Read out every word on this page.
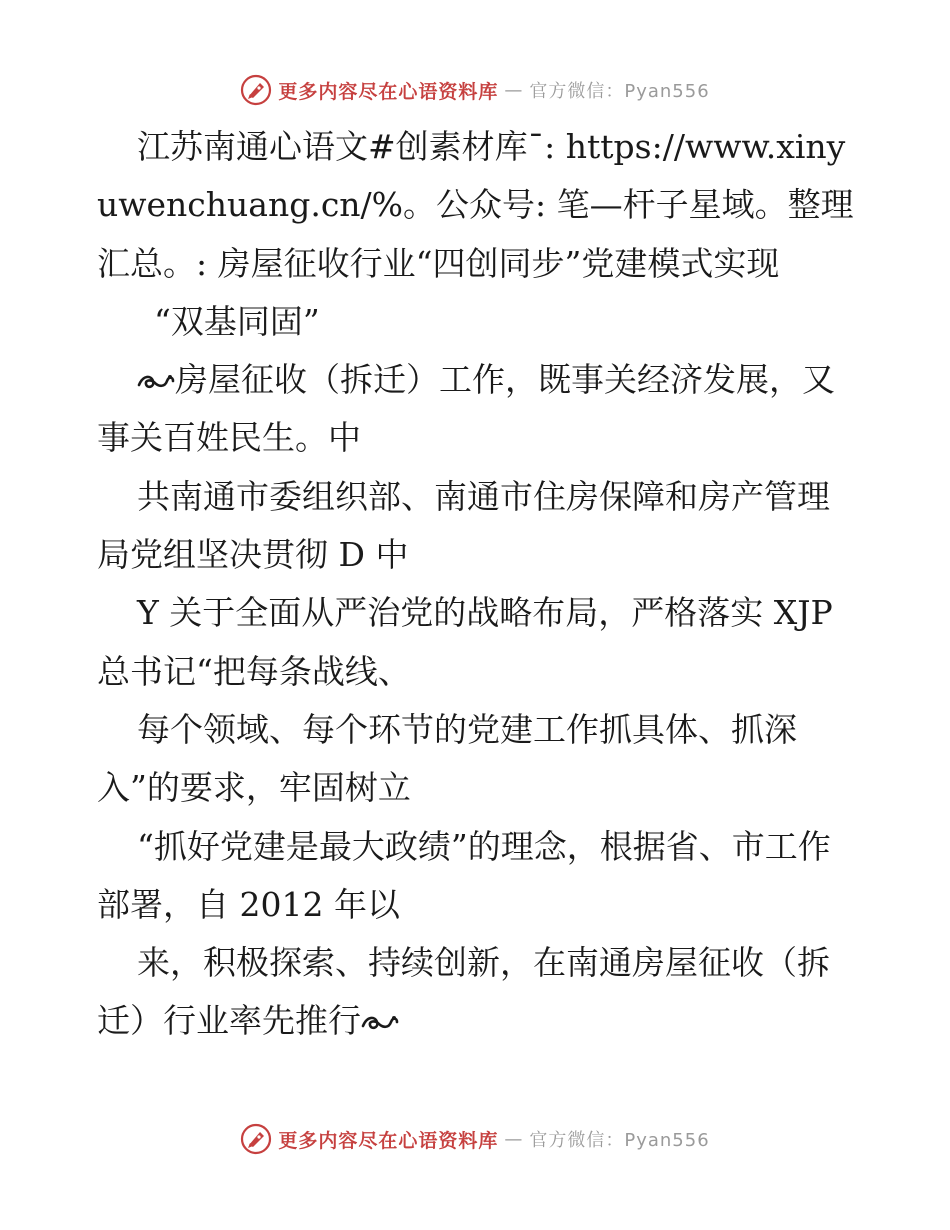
更多内容尽在心语资料库 — 官方微信：Pyan556

江苏南通心语文#创素材库¯: https://www.xinyuwenchuang.cn/%。公众号: 笔—杆子星域。整理汇总。: 房屋征收行业“四创同步”党建模式实现

“双基同固”

房屋征收（拆迁）工作，既事关经济发展，又事关百姓民生。中

共南通市委组织部、南通市住房保障和房产管理局党组坚决贯彻 D 中

Y 关于全面从严治党的战略布局，严格落实 XJP 总书记“把每条战线、

每个领域、每个环节的党建工作抓具体、抓深入”的要求，牢固树立

“抓好党建是最大政绩”的理念，根据省、市工作部署，自 2012 年以

来，积极探索、持续创新，在南通房屋征收（拆迁）行业率先推行

更多内容尽在心语资料库 — 官方微信：Pyan556
